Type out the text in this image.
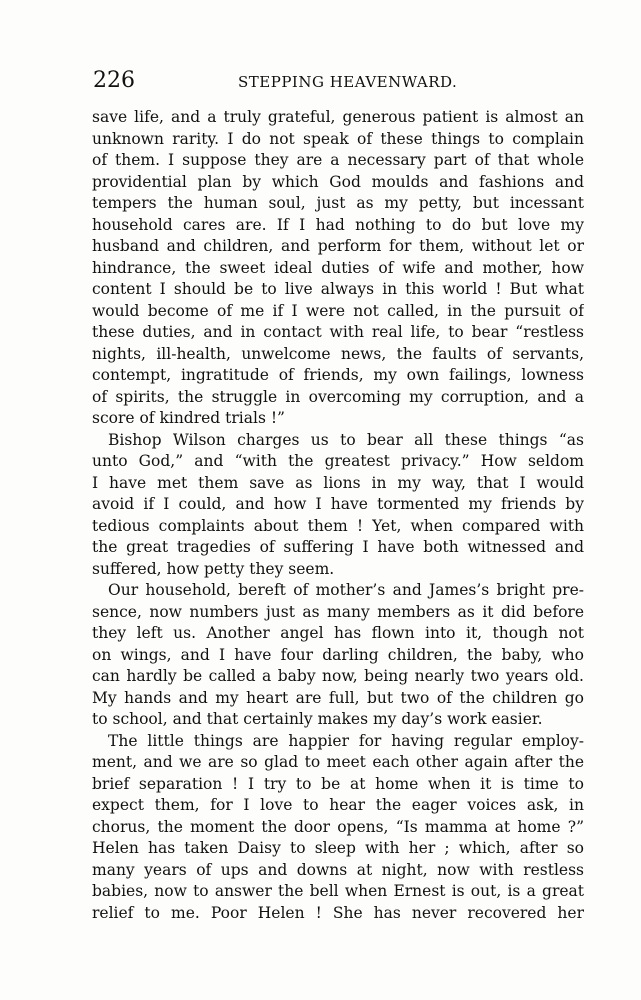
226	STEPPING HEAVENWARD.
save life, and a truly grateful, generous patient is almost an
unknown rarity. I do not speak of these things to complain
of them. I suppose they are a necessary part of that whole
providential plan by which God moulds and fashions and
tempers the human soul, just as my petty, but incessant
household cares are. If I had nothing to do but love my
husband and children, and perform for them, without let or
hindrance, the sweet ideal duties of wife and mother, how
content I should be to live always in this world ! But what
would become of me if I were not called, in the pursuit of
these duties, and in contact with real life, to bear “restless
nights, ill-health, unwelcome news, the faults of servants,
contempt, ingratitude of friends, my own failings, lowness
of spirits, the struggle in overcoming my corruption, and a
score of kindred trials !”
Bishop Wilson charges us to bear all these things “as
unto God,” and “with the greatest privacy.” How seldom
I have met them save as lions in my way, that I would
avoid if I could, and how I have tormented my friends by
tedious complaints about them ! Yet, when compared with
the great tragedies of suffering I have both witnessed and
suffered, how petty they seem.
Our household, bereft of mother’s and James’s bright pre-
sence, now numbers just as many members as it did before
they left us. Another angel has flown into it, though not
on wings, and I have four darling children, the baby, who
can hardly be called a baby now, being nearly two years old.
My hands and my heart are full, but two of the children go
to school, and that certainly makes my day’s work easier.
The little things are happier for having regular employ-
ment, and we are so glad to meet each other again after the
brief separation ! I try to be at home when it is time to
expect them, for I love to hear the eager voices ask, in
chorus, the moment the door opens, “Is mamma at home ?”
Helen has taken Daisy to sleep with her ; which, after so
many years of ups and downs at night, now with restless
babies, now to answer the bell when Ernest is out, is a great
relief to me. Poor Helen ! She has never recovered her
